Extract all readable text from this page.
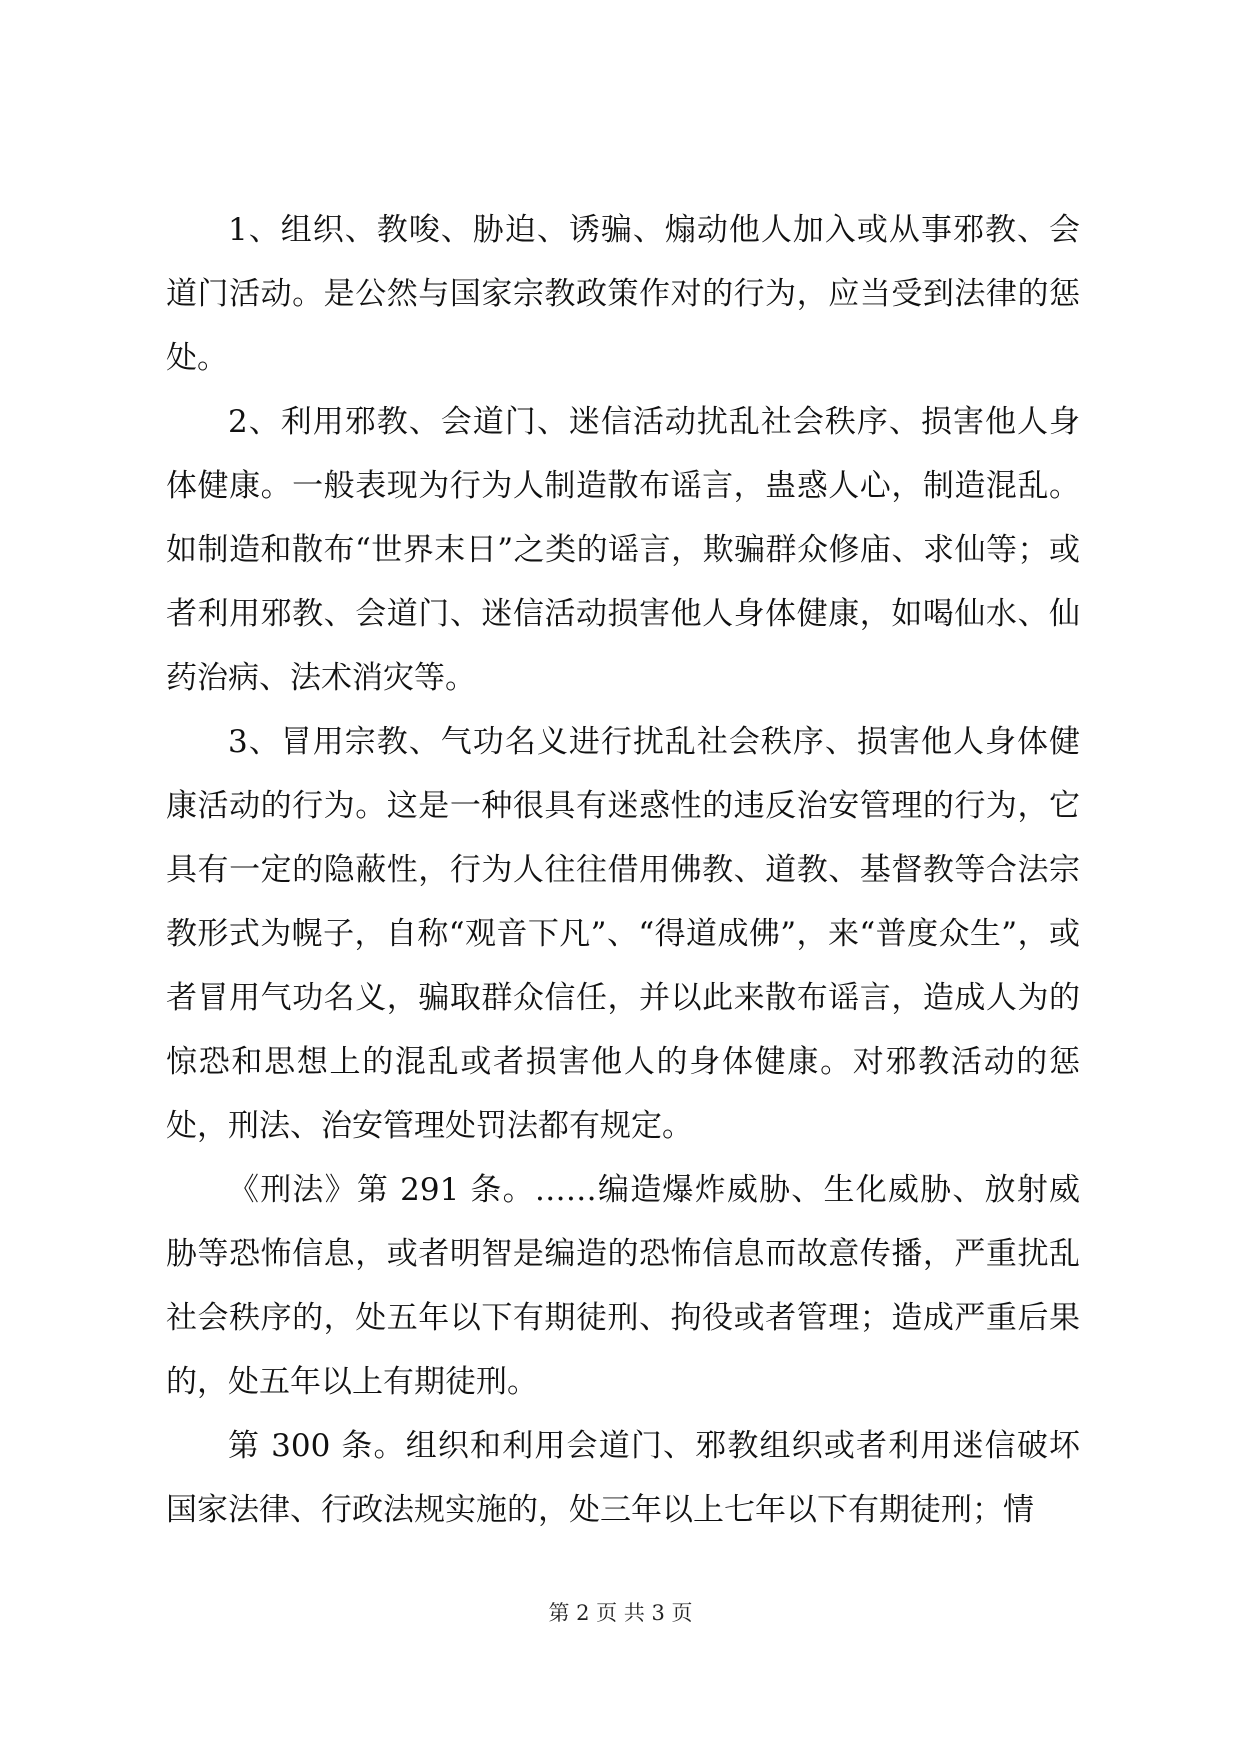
1、组织、教唆、胁迫、诱骗、煽动他人加入或从事邪教、会道门活动。是公然与国家宗教政策作对的行为，应当受到法律的惩处。

2、利用邪教、会道门、迷信活动扰乱社会秩序、损害他人身体健康。一般表现为行为人制造散布谣言，蛊惑人心，制造混乱。如制造和散布“世界末日”之类的谣言，欺骗群众修庙、求仙等；或者利用邪教、会道门、迷信活动损害他人身体健康，如喝仙水、仙药治病、法术消灾等。

3、冒用宗教、气功名义进行扰乱社会秩序、损害他人身体健康活动的行为。这是一种很具有迷惑性的违反治安管理的行为，它具有一定的隐蔽性，行为人往往借用佛教、道教、基督教等合法宗教形式为幌子，自称“观音下凡”、“得道成佛”，来“普度众生”，或者冒用气功名义，骗取群众信任，并以此来散布谣言，造成人为的惊恐和思想上的混乱或者损害他人的身体健康。对邪教活动的惩处，刑法、治安管理处罚法都有规定。

《刑法》第 291 条。……编造爆炸威胁、生化威胁、放射威胁等恐怖信息，或者明智是编造的恐怖信息而故意传播，严重扰乱社会秩序的，处五年以下有期徒刑、拘役或者管理；造成严重后果的，处五年以上有期徒刑。

第 300 条。组织和利用会道门、邪教组织或者利用迷信破坏国家法律、行政法规实施的，处三年以上七年以下有期徒刑；情

第 2 页 共 3 页
